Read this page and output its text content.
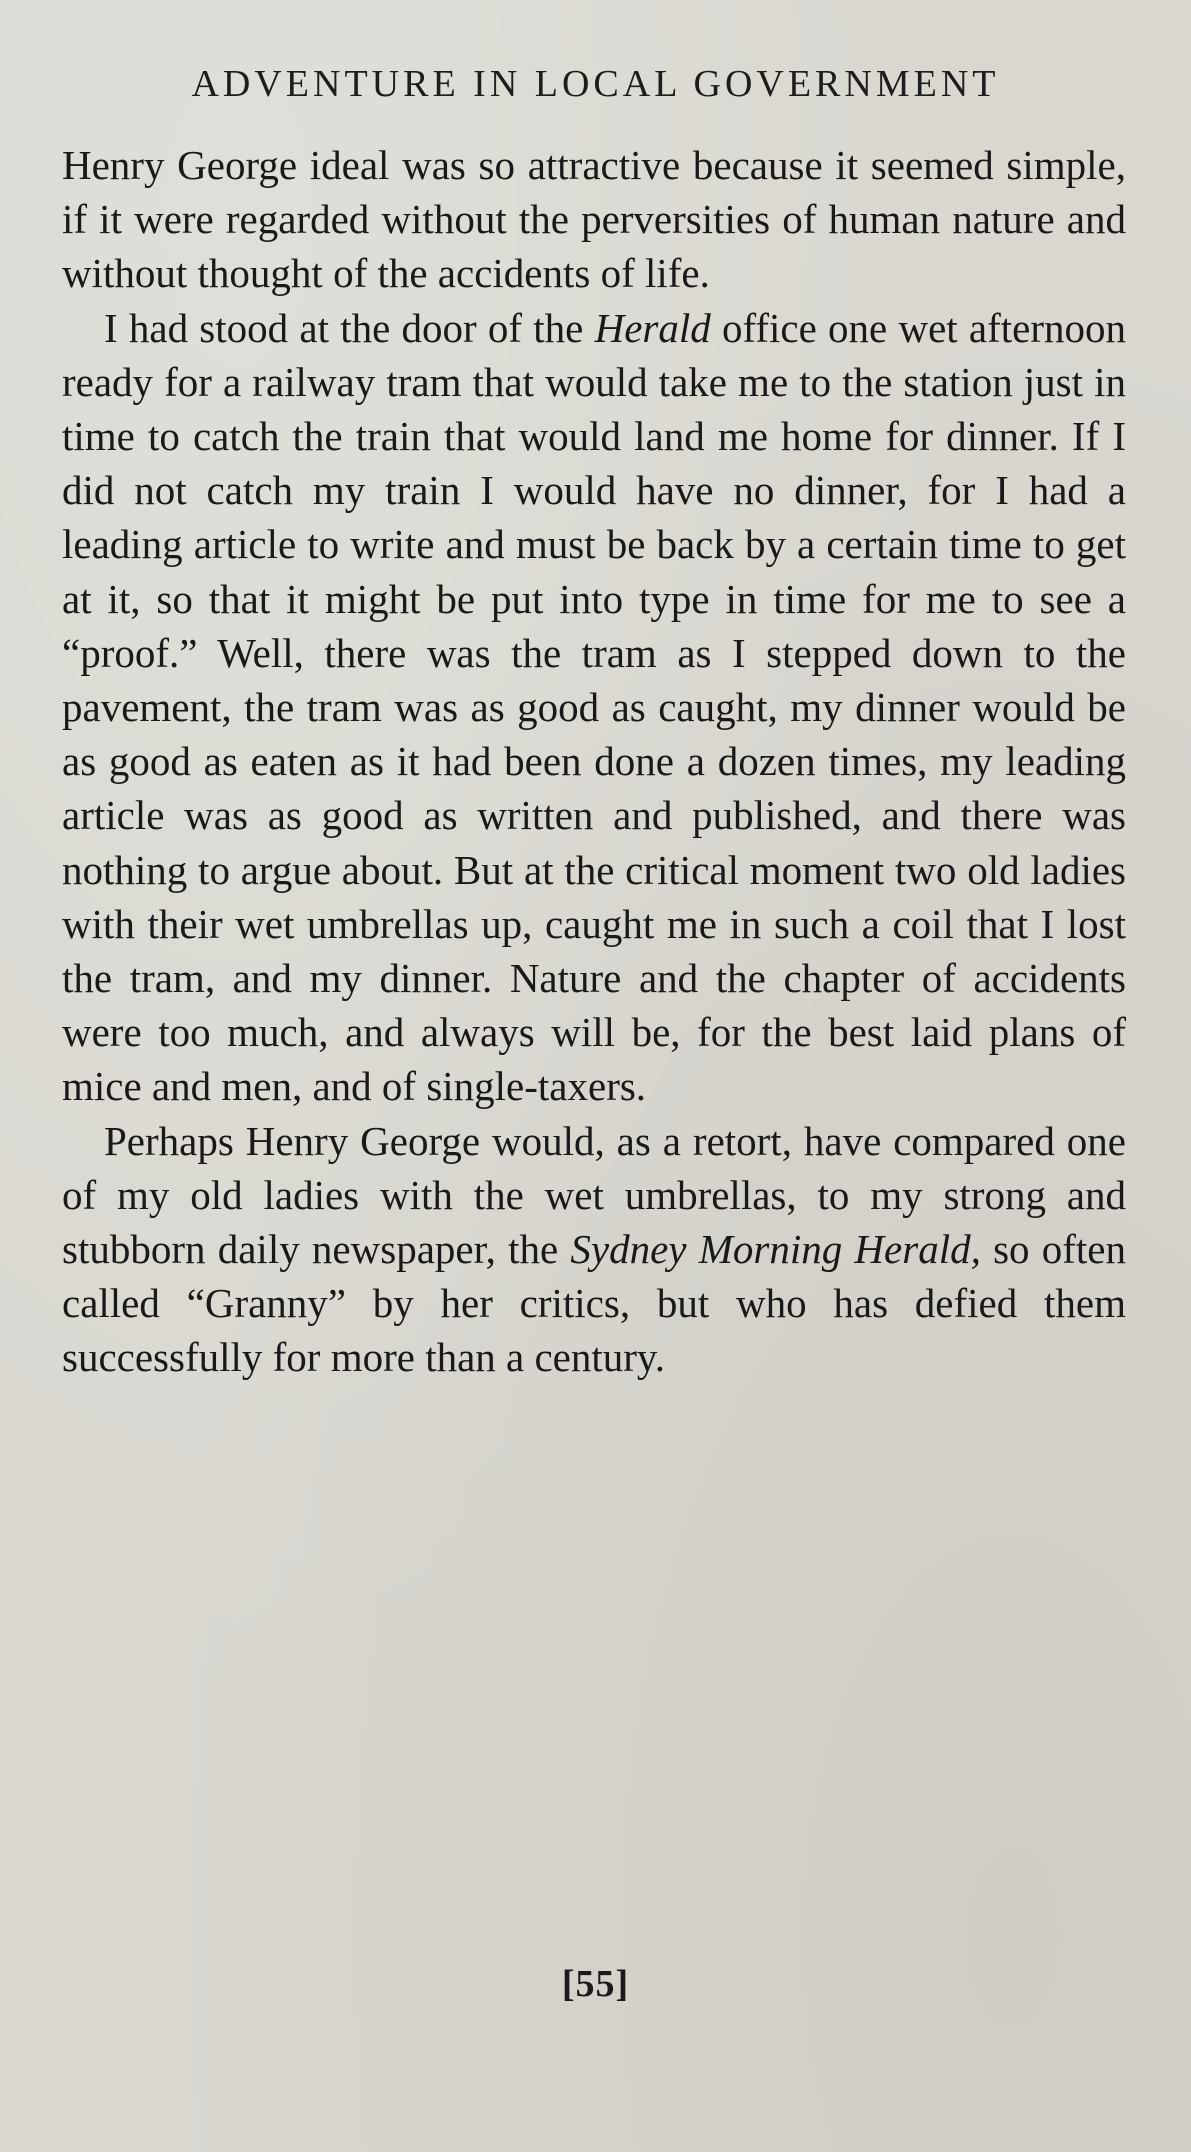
ADVENTURE IN LOCAL GOVERNMENT

Henry George ideal was so attractive because it seemed simple, if it were regarded without the perversities of human nature and without thought of the accidents of life.

I had stood at the door of the Herald office one wet afternoon ready for a railway tram that would take me to the station just in time to catch the train that would land me home for dinner. If I did not catch my train I would have no dinner, for I had a leading article to write and must be back by a certain time to get at it, so that it might be put into type in time for me to see a “proof.” Well, there was the tram as I stepped down to the pavement, the tram was as good as caught, my dinner would be as good as eaten as it had been done a dozen times, my leading article was as good as written and published, and there was nothing to argue about. But at the critical moment two old ladies with their wet umbrellas up, caught me in such a coil that I lost the tram, and my dinner. Nature and the chapter of accidents were too much, and always will be, for the best laid plans of mice and men, and of single-taxers.

Perhaps Henry George would, as a retort, have compared one of my old ladies with the wet umbrellas, to my strong and stubborn daily newspaper, the Sydney Morning Herald, so often called “Granny” by her critics, but who has defied them successfully for more than a century.

[55]
